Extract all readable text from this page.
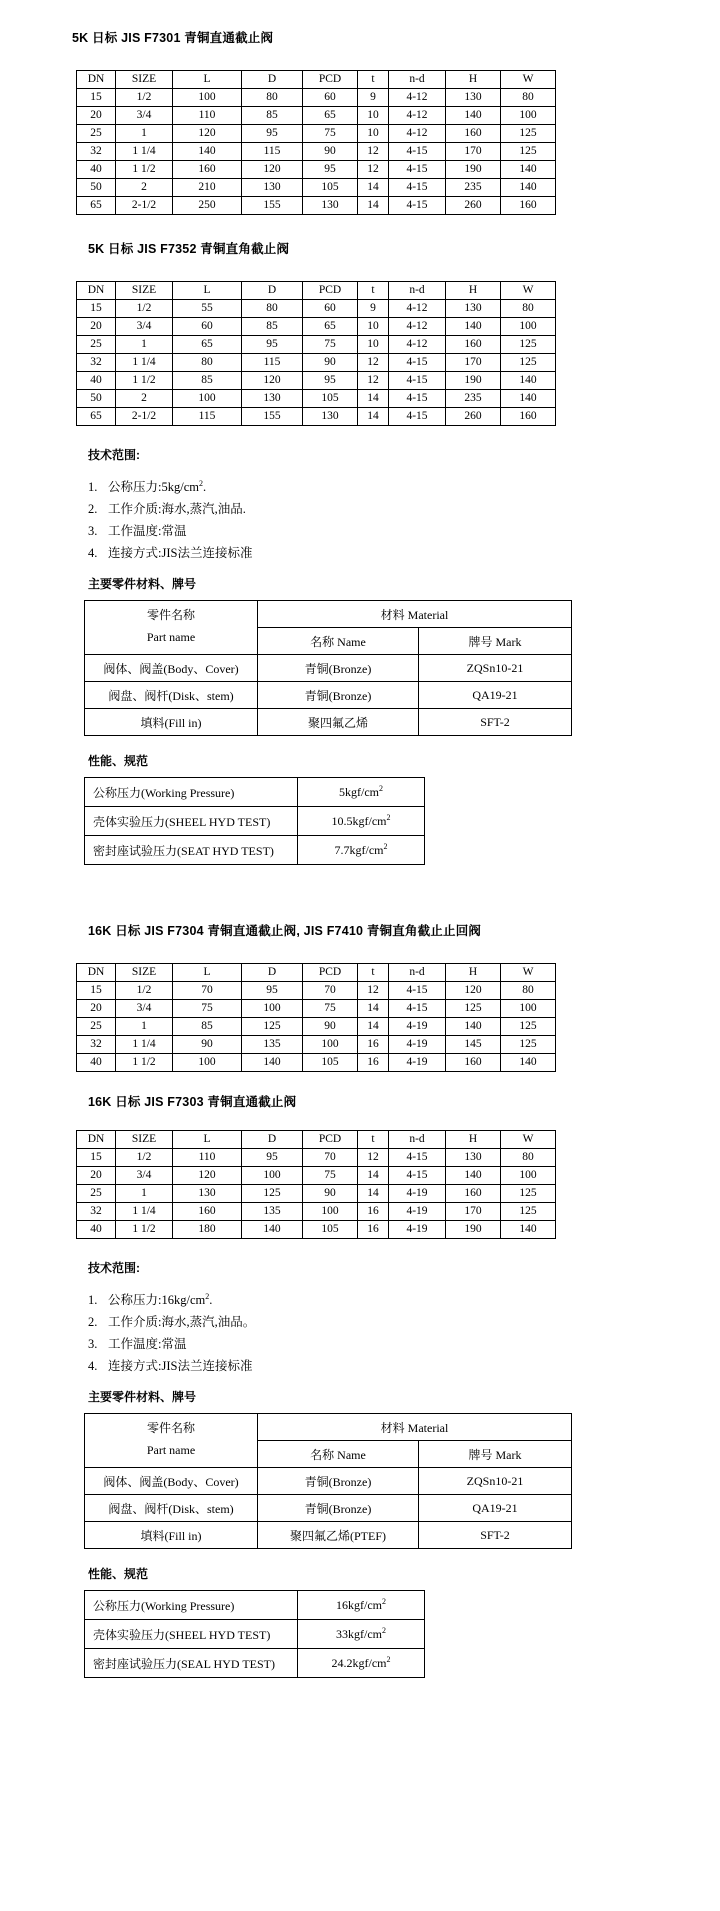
5K 日标 JIS F7301 青铜直通截止阀
DN	SIZE	L	D	PCD	t	n-d	H	W
15	1/2	100	80	60	9	4-12	130	80
20	3/4	110	85	65	10	4-12	140	100
25	1	120	95	75	10	4-12	160	125
32	1 1/4	140	115	90	12	4-15	170	125
40	1 1/2	160	120	95	12	4-15	190	140
50	2	210	130	105	14	4-15	235	140
65	2-1/2	250	155	130	14	4-15	260	160
5K 日标 JIS F7352 青铜直角截止阀
DN	SIZE	L	D	PCD	t	n-d	H	W
15	1/2	55	80	60	9	4-12	130	80
20	3/4	60	85	65	10	4-12	140	100
25	1	65	95	75	10	4-12	160	125
32	1 1/4	80	115	90	12	4-15	170	125
40	1 1/2	85	120	95	12	4-15	190	140
50	2	100	130	105	14	4-15	235	140
65	2-1/2	115	155	130	14	4-15	260	160
技术范围:
1. 公称压力$:5kg/cm^2$.
2. 工作介质:海水,蒸汽,油品.
3. 工作温度:常温
4. 连接方式:JIS法兰连接标准
主要零件材料、牌号
零件名称
Part name	材料 Material	
	名称 Name	牌号 Mark
阀体、阀盖(Body、Cover)	青铜(Bronze)	ZQSn10-21
阀盘、阀杆(Disk、stem)	青铜(Bronze)	QA19-21
填料(Fill in)	聚四氟乙烯	SFT-2
性能、规范
公称压力(Working Pressure)	$5kgf/cm^2$
壳体实验压力(SHEEL HYD TEST)	$10.5kgf/cm^2$
密封座试验压力(SEAT HYD TEST)	$7.7kgf/cm^2$
16K 日标 JIS F7304 青铜直通截止阀, JIS F7410 青铜直角截止止回阀
DN	SIZE	L	D	PCD	t	n-d	H	W
15	1/2	70	95	70	12	4-15	120	80
20	3/4	75	100	75	14	4-15	125	100
25	1	85	125	90	14	4-19	140	125
32	1 1/4	90	135	100	16	4-19	145	125
40	1 1/2	100	140	105	16	4-19	160	140
16K 日标 JIS F7303 青铜直通截止阀
DN	SIZE	L	D	PCD	t	n-d	H	W
15	1/2	110	95	70	12	4-15	130	80
20	3/4	120	100	75	14	4-15	140	100
25	1	130	125	90	14	4-19	160	125
32	1 1/4	160	135	100	16	4-19	170	125
40	1 1/2	180	140	105	16	4-19	190	140
技术范围:
1. 公称压力$:16kg/cm^2$.
2. 工作介质:海水,蒸汽,油品。
3. 工作温度:常温
4. 连接方式:JIS法兰连接标准
主要零件材料、牌号
零件名称
Part name	材料 Material	
	名称 Name	牌号 Mark
阀体、阀盖(Body、Cover)	青铜(Bronze)	ZQSn10-21
阀盘、阀杆(Disk、stem)	青铜(Bronze)	QA19-21
填料(Fill in)	聚四氟乙烯(PTEF)	SFT-2
性能、规范
公称压力(Working Pressure)	$16kgf/cm^2$
壳体实验压力(SHEEL HYD TEST)	$33kgf/cm^2$
密封座试验压力(SEAL HYD TEST)	$24.2kgf/cm^2$
